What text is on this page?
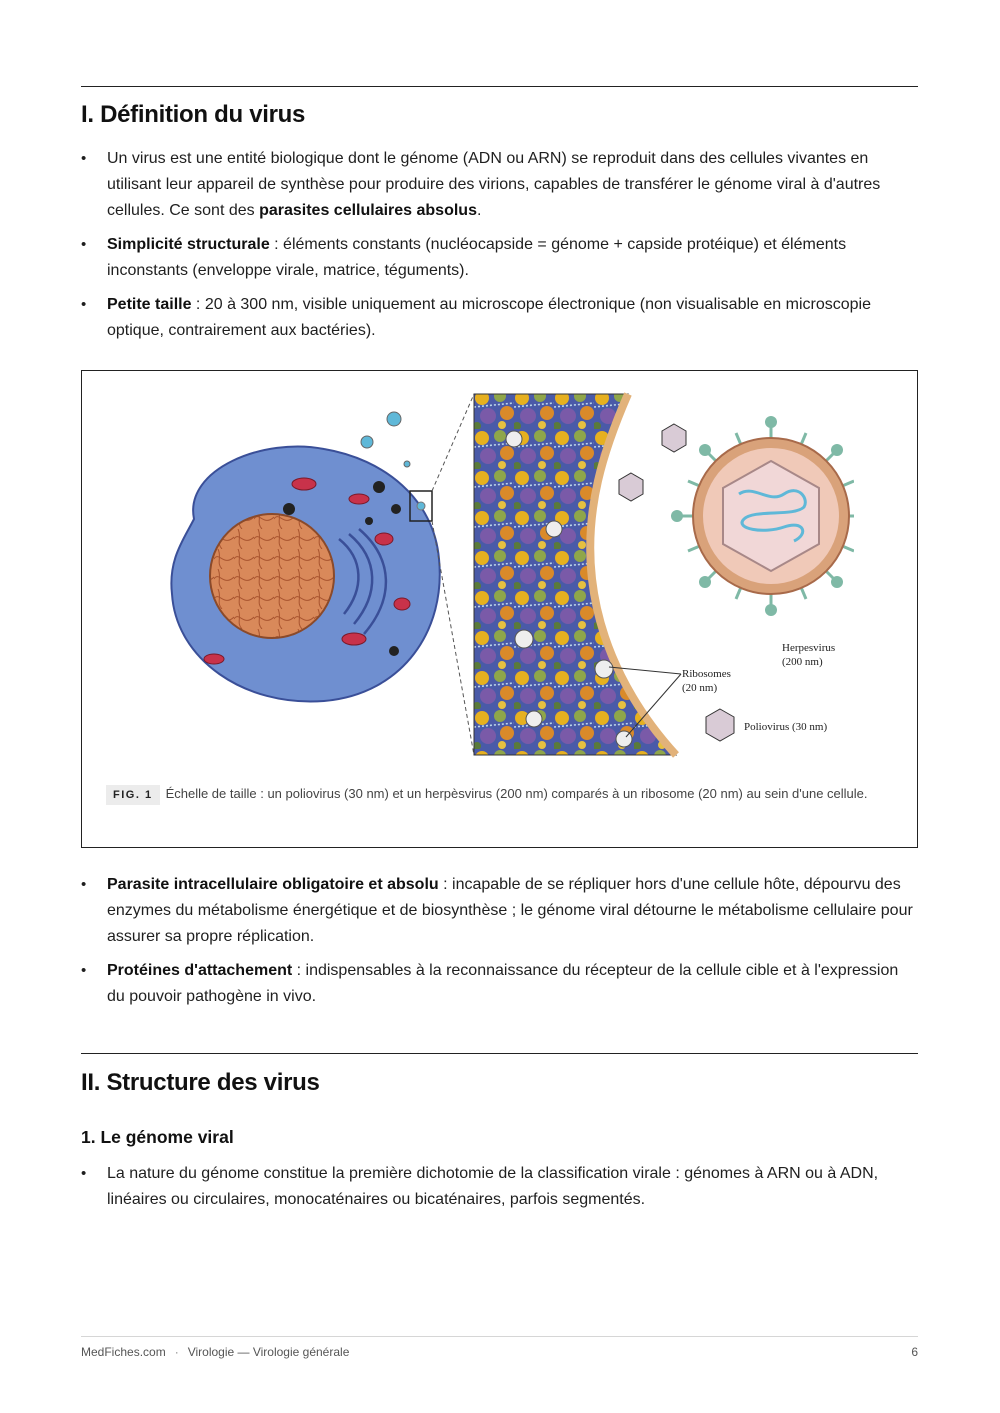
I. Définition du virus
• Un virus est une entité biologique dont le génome (ADN ou ARN) se reproduit dans des cellules vivantes en utilisant leur appareil de synthèse pour produire des virions, capables de transférer le génome viral à d'autres cellules. Ce sont des parasites cellulaires absolus.
• Simplicité structurale : éléments constants (nucléocapside = génome + capside protéique) et éléments inconstants (enveloppe virale, matrice, téguments).
• Petite taille : 20 à 300 nm, visible uniquement au microscope électronique (non visualisable en microscopie optique, contrairement aux bactéries).
Ribosomes
(20 nm)
Herpesvirus
(200 nm)
Poliovirus (30 nm)
FIG. 1 Échelle de taille : un poliovirus (30 nm) et un herpèsvirus (200 nm) comparés à un ribosome (20 nm) au sein d'une cellule.
• Parasite intracellulaire obligatoire et absolu : incapable de se répliquer hors d'une cellule hôte, dépourvu des enzymes du métabolisme énergétique et de biosynthèse ; le génome viral détourne le métabolisme cellulaire pour assurer sa propre réplication.
• Protéines d'attachement : indispensables à la reconnaissance du récepteur de la cellule cible et à l'expression du pouvoir pathogène in vivo.
II. Structure des virus
1. Le génome viral
• La nature du génome constitue la première dichotomie de la classification virale : génomes à ARN ou à ADN, linéaires ou circulaires, monocaténaires ou bicaténaires, parfois segmentés.
MedFiches.com · Virologie — Virologie générale	6
